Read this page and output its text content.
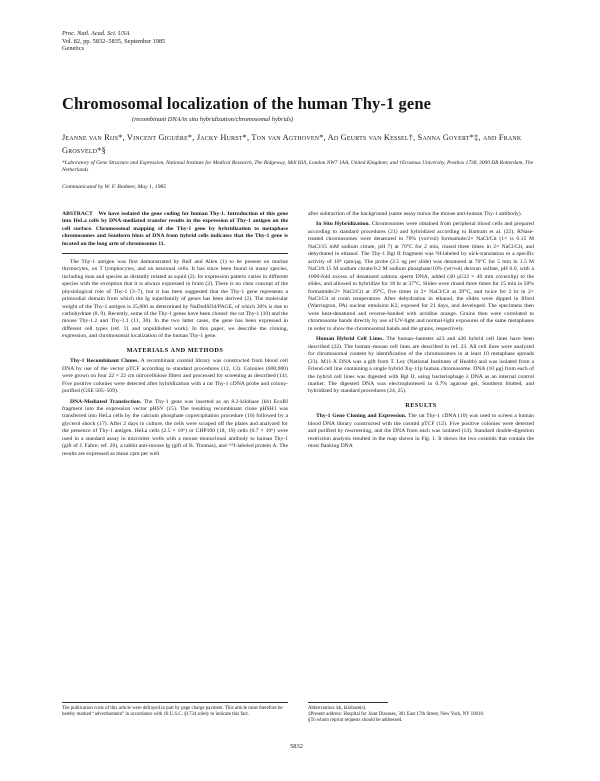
Proc. Natl. Acad. Sci. USA
Vol. 82, pp. 5832–5835, September 1985
Genetics
Chromosomal localization of the human Thy-1 gene
(recombinant DNA/in situ hybridization/chromosomal hybrids)
Jeanne van Rijs*, Vincent Giguère*, Jacky Hurst*, Ton van Agthoven*, Ad Geurts van Kessel†, Sanna Goyert*‡, and Frank Grosveld*§
*Laboratory of Gene Structure and Expression, National Institute for Medical Research, The Ridgeway, Mill Hill, London NW7 1AA, United Kingdom; and †Erasmus University, Postbox 1738, 3000 DR Rotterdam, The Netherlands
Communicated by W. F. Bodmer, May 1, 1985

ABSTRACT We have isolated the gene coding for human Thy-1. Introduction of this gene into HeLa cells by DNA-mediated transfer results in the expression of Thy-1 antigen on the cell surface. Chromosomal mapping of the Thy-1 gene by hybridization to metaphase chromosomes and Southern blots of DNA from hybrid cells indicates that the Thy-1 gene is located on the long arm of chromosome 11.

The Thy-1 antigen was first demonstrated by Reif and Allen (1) to be present on murine thymocytes, on T lymphocytes, and on neuronal cells. It has since been found in many species, including man and species as distantly related as squid (2). Its expression pattern varies in different species with the exception that it is always expressed in brain (2). There is no clear concept of the physiological role of Thy-1 (3–7), but it has been suggested that the Thy-1 gene represents a primordial domain from which the Ig superfamily of genes has been derived (2). The molecular weight of the Thy-1 antigen is 25,000 as determined by NaDodSO4/PAGE, of which 30% is due to carbohydrate (8, 9). Recently, some of the Thy-1 genes have been cloned: the rat Thy-1 (10) and the mouse Thy-1.2 and Thy-1.1 (11, 30). In the two latter cases, the gene has been expressed in different cell types (ref. 11 and unpublished work). In this paper, we describe the cloning, expression, and chromosomal localization of the human Thy-1 gene.

MATERIALS AND METHODS

Thy-1 Recombinant Clones. A recombinant cosmid library was constructed from blood cell DNA by use of the vector pTCF according to standard procedures (12, 13). Colonies (600,000) were grown on four 22 × 22 cm nitrocellulose filters and processed for screening as described (14). Five positive colonies were detected after hybridization with a rat Thy-1 cDNA probe and colony-purified (GSE 505–509).

DNA-Mediated Transfection. The Thy-1 gene was inserted as an 8.2-kilobase (kb) EcoRI fragment into the expression vector pHSV (15). The resulting recombinant clone pHSH1 was transferred into HeLa cells by the calcium phosphate coprecipitation procedure (16) followed by a glycerol shock (17). After 2 days in culture, the cells were scraped off the plates and analyzed for the presence of Thy-1 antigen. HeLa cells (2.5 × 10⁶) or CHP100 (18, 19) cells (0.7 × 10⁶) were used in a standard assay in microtiter wells with a mouse monoclonal antibody to human Thy-1 (gift of J. Fabre; ref. 20), a rabbit anti-mouse Ig (gift of B. Thomas), and ¹²⁵I-labeled protein A. The results are expressed as mean cpm per well

after subtraction of the background (same assay minus the mouse anti-human Thy-1 antibody).

In Situ Hybridization. Chromosomes were obtained from peripheral blood cells and prepared according to standard procedures (21) and hybridized according to Bartram et al. (22). RNase-treated chromosomes were denatured in 70% (vol/vol) formamide/2× NaCl/Cit (1× is 0.15 M NaCl/15 mM sodium citrate, pH 7) at 70°C for 2 min, rinsed three times in 2× NaCl/Cit, and dehydrated in ethanol. The Thy-1 Bgl II fragment was ³H-labeled by nick-translation to a specific activity of 10⁸ cpm/μg. The probe (2.5 ng per slide) was denatured at 70°C for 5 min in 1.5 M NaCl/0.15 M sodium citrate/0.2 M sodium phosphate/10% (wt/vol) dextran sulfate, pH 6.0, with a 1000-fold excess of denatured salmon sperm DNA, added (40 μl/22 × 40 mm coverslip) to the slides, and allowed to hybridize for 18 hr at 37°C. Slides were rinsed three times for 15 min in 50% formamide/2× NaCl/Cit at 39°C, five times in 2× NaCl/Cit at 39°C, and twice for 2 hr in 2× NaCl/Cit at room temperature. After dehydration in ethanol, the slides were dipped in Ilford (Warrington, PA) nuclear emulsion K2, exposed for 21 days, and developed. The specimens then were heat-denatured and reverse-banded with acridine orange. Grains then were correlated to chromosome bands directly by use of UV-light and normal-light exposures of the same metaphases in order to show the chromosomal bands and the grains, respectively.

Human Hybrid Cell Lines. The human–hamster a23 and a36 hybrid cell lines have been described (22). The human–mouse cell lines are described in ref. 23. All cell lines were analyzed for chromosomal content by identification of the chromosomes in at least 10 metaphase spreads (23). M11-X DNA was a gift from T. Ley (National Institutes of Health) and was isolated from a Friend cell line containing a single hybrid Xq–11p human chromosome. DNA (10 μg) from each of the hybrid cell lines was digested with Bgl II, using bacteriophage λ DNA as an internal control marker. The digested DNA was electrophoresed in 0.7% agarose gel, Southern blotted, and hybridized by standard procedures (24, 25).

RESULTS

Thy-1 Gene Cloning and Expression. The rat Thy-1 cDNA (10) was used to screen a human blood DNA library constructed with the cosmid pTCF (12). Five positive colonies were detected and purified by rescreening, and the DNA from each was isolated (14). Standard double-digestion restriction analysis resulted in the map shown in Fig. 1. It shows the two cosmids that contain the most flanking DNA

The publication costs of this article were defrayed in part by page charge payment. This article must therefore be hereby marked “advertisement” in accordance with 18 U.S.C. §1734 solely to indicate this fact.
Abbreviation: kb, kilobase(s).
‡Present address: Hospital for Joint Diseases, 301 East 17th Street, New York, NY 10010.
§To whom reprint requests should be addressed.
5832
